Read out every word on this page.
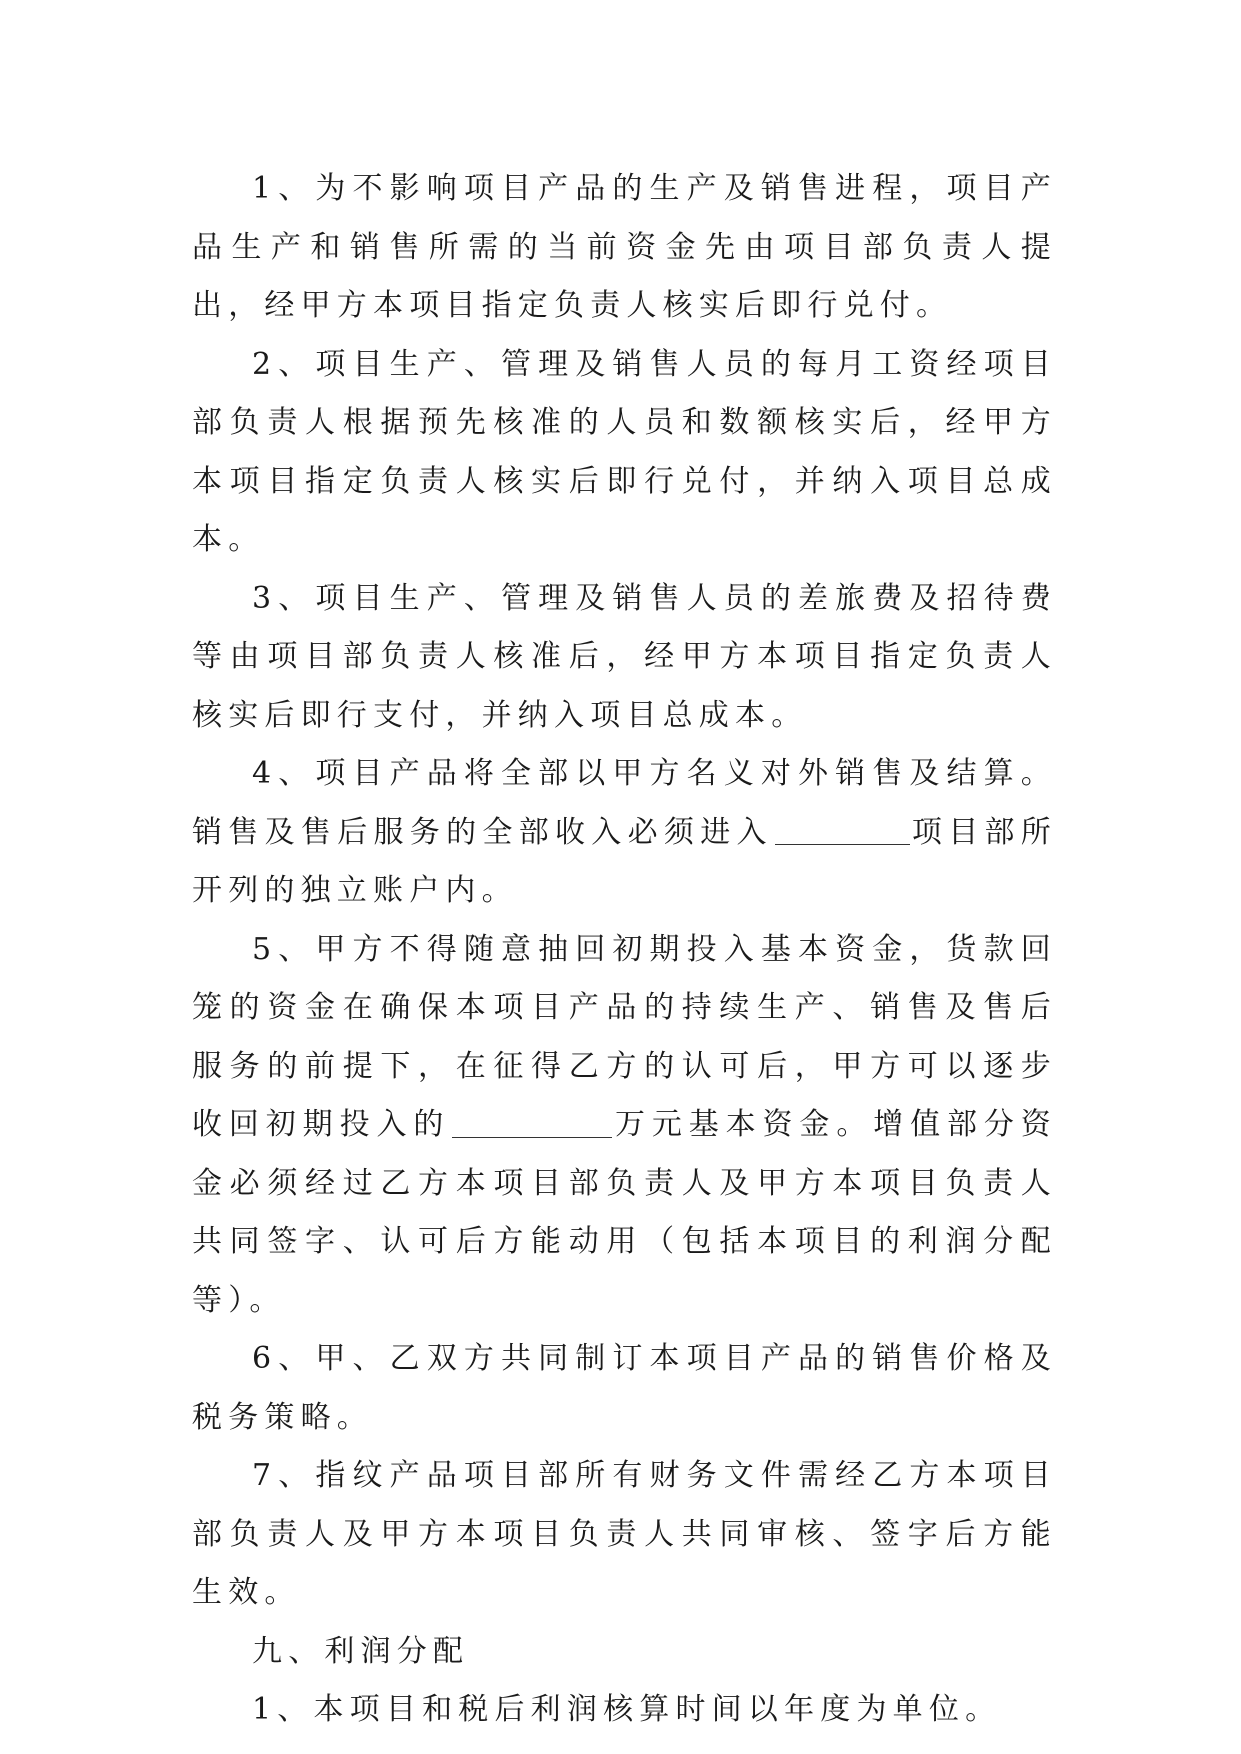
1、为不影响项目产品的生产及销售进程，项目产品生产和销售所需的当前资金先由项目部负责人提出，经甲方本项目指定负责人核实后即行兑付。

2、项目生产、管理及销售人员的每月工资经项目部负责人根据预先核准的人员和数额核实后，经甲方本项目指定负责人核实后即行兑付，并纳入项目总成本。

3、项目生产、管理及销售人员的差旅费及招待费等由项目部负责人核准后，经甲方本项目指定负责人核实后即行支付，并纳入项目总成本。

4、项目产品将全部以甲方名义对外销售及结算。销售及售后服务的全部收入必须进入	项目部所开列的独立账户内。

5、甲方不得随意抽回初期投入基本资金，货款回笼的资金在确保本项目产品的持续生产、销售及售后服务的前提下，在征得乙方的认可后，甲方可以逐步收回初期投入的	万元基本资金。增值部分资金必须经过乙方本项目部负责人及甲方本项目负责人共同签字、认可后方能动用（包括本项目的利润分配等）。

6、甲、乙双方共同制订本项目产品的销售价格及税务策略。

7、指纹产品项目部所有财务文件需经乙方本项目部负责人及甲方本项目负责人共同审核、签字后方能生效。

九、利润分配

1、本项目和税后利润核算时间以年度为单位。
